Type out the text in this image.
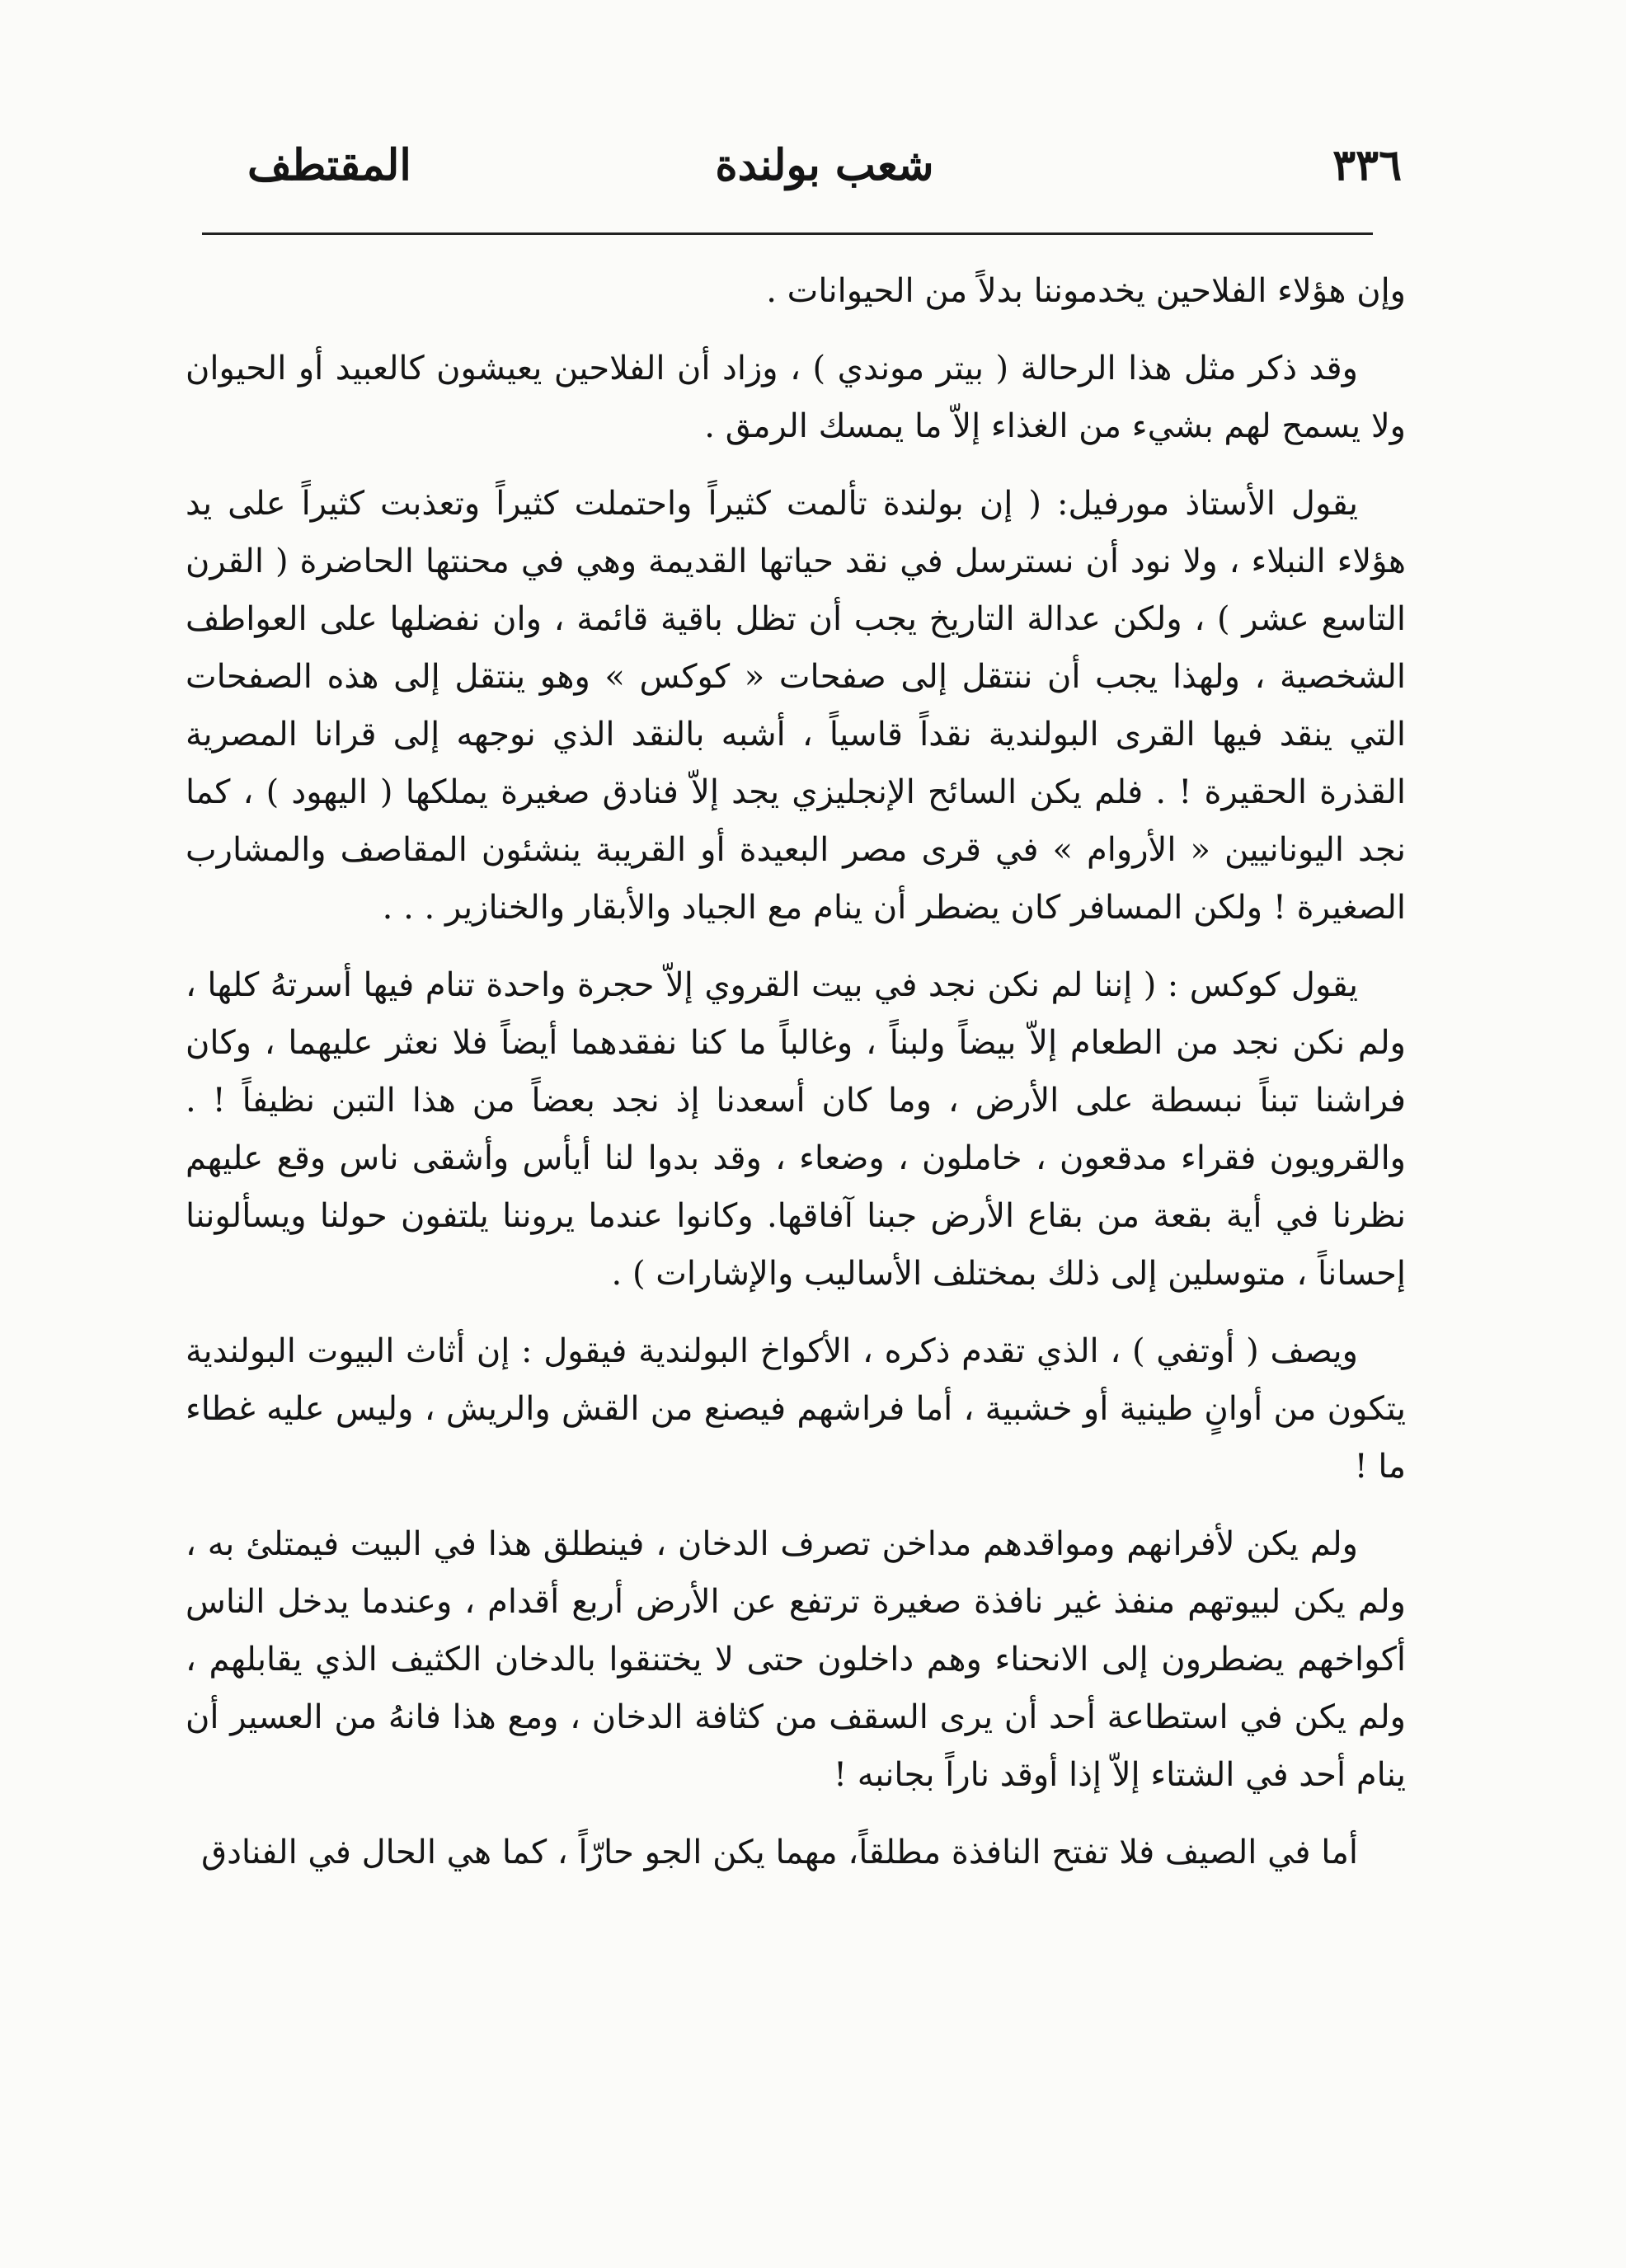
٣٣٦
شعب بولندة
المقتطف

وإن هؤلاء الفلاحين يخدموننا بدلاً من الحيوانات .

وقد ذكر مثل هذا الرحالة ( بيتر موندي ) ، وزاد أن الفلاحين يعيشون كالعبيد أو الحيوان ولا يسمح لهم بشيء من الغذاء إلاّ ما يمسك الرمق .

يقول الأستاذ مورفيل: ( إن بولندة تألمت كثيراً واحتملت كثيراً وتعذبت كثيراً على يد هؤلاء النبلاء ، ولا نود أن نسترسل في نقد حياتها القديمة وهي في محنتها الحاضرة ( القرن التاسع عشر ) ، ولكن عدالة التاريخ يجب أن تظل باقية قائمة ، وان نفضلها على العواطف الشخصية ، ولهذا يجب أن ننتقل إلى صفحات « كوكس » وهو ينتقل إلى هذه الصفحات التي ينقد فيها القرى البولندية نقداً قاسياً ، أشبه بالنقد الذي نوجهه إلى قرانا المصرية القذرة الحقيرة ! . فلم يكن السائح الإنجليزي يجد إلاّ فنادق صغيرة يملكها ( اليهود ) ، كما نجد اليونانيين « الأروام » في قرى مصر البعيدة أو القريبة ينشئون المقاصف والمشارب الصغيرة ! ولكن المسافر كان يضطر أن ينام مع الجياد والأبقار والخنازير . . .

يقول كوكس : ( إننا لم نكن نجد في بيت القروي إلاّ حجرة واحدة تنام فيها أسرتهُ كلها ، ولم نكن نجد من الطعام إلاّ بيضاً ولبناً ، وغالباً ما كنا نفقدهما أيضاً فلا نعثر عليهما ، وكان فراشنا تبناً نبسطة على الأرض ، وما كان أسعدنا إذ نجد بعضاً من هذا التبن نظيفاً ! . والقرويون فقراء مدقعون ، خاملون ، وضعاء ، وقد بدوا لنا أيأس وأشقى ناس وقع عليهم نظرنا في أية بقعة من بقاع الأرض جبنا آفاقها. وكانوا عندما يروننا يلتفون حولنا ويسألوننا إحساناً ، متوسلين إلى ذلك بمختلف الأساليب والإشارات ) .

ويصف ( أوتفي ) ، الذي تقدم ذكره ، الأكواخ البولندية فيقول : إن أثاث البيوت البولندية يتكون من أوانٍ طينية أو خشبية ، أما فراشهم فيصنع من القش والريش ، وليس عليه غطاء ما !

ولم يكن لأفرانهم ومواقدهم مداخن تصرف الدخان ، فينطلق هذا في البيت فيمتلئ به ، ولم يكن لبيوتهم منفذ غير نافذة صغيرة ترتفع عن الأرض أربع أقدام ، وعندما يدخل الناس أكواخهم يضطرون إلى الانحناء وهم داخلون حتى لا يختنقوا بالدخان الكثيف الذي يقابلهم ، ولم يكن في استطاعة أحد أن يرى السقف من كثافة الدخان ، ومع هذا فانهُ من العسير أن ينام أحد في الشتاء إلاّ إذا أوقد ناراً بجانبه !

أما في الصيف فلا تفتح النافذة مطلقاً، مهما يكن الجو حارّاً ، كما هي الحال في الفنادق
